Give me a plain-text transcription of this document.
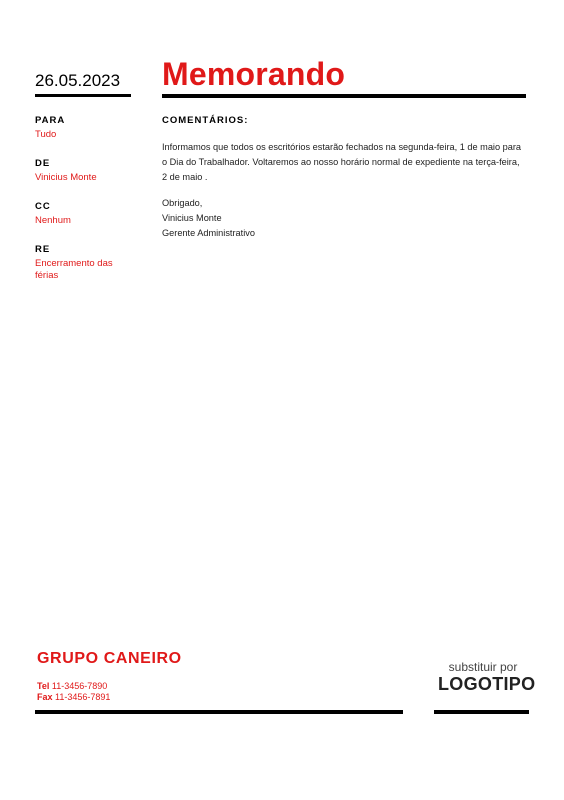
26.05.2023 Memorando
PARA
Tudo
DE
Vinicius Monte
CC
Nenhum
RE
Encerramento das férias
COMENTÁRIOS:
Informamos que todos os escritórios estarão fechados na segunda-feira, 1 de maio para o Dia do Trabalhador. Voltaremos ao nosso horário normal de expediente na terça-feira, 2 de maio .
Obrigado,
Vinicius Monte
Gerente Administrativo
GRUPO CANEIRO
Tel 11-3456-7890
Fax 11-3456-7891
substituir por
LOGOTIPO
